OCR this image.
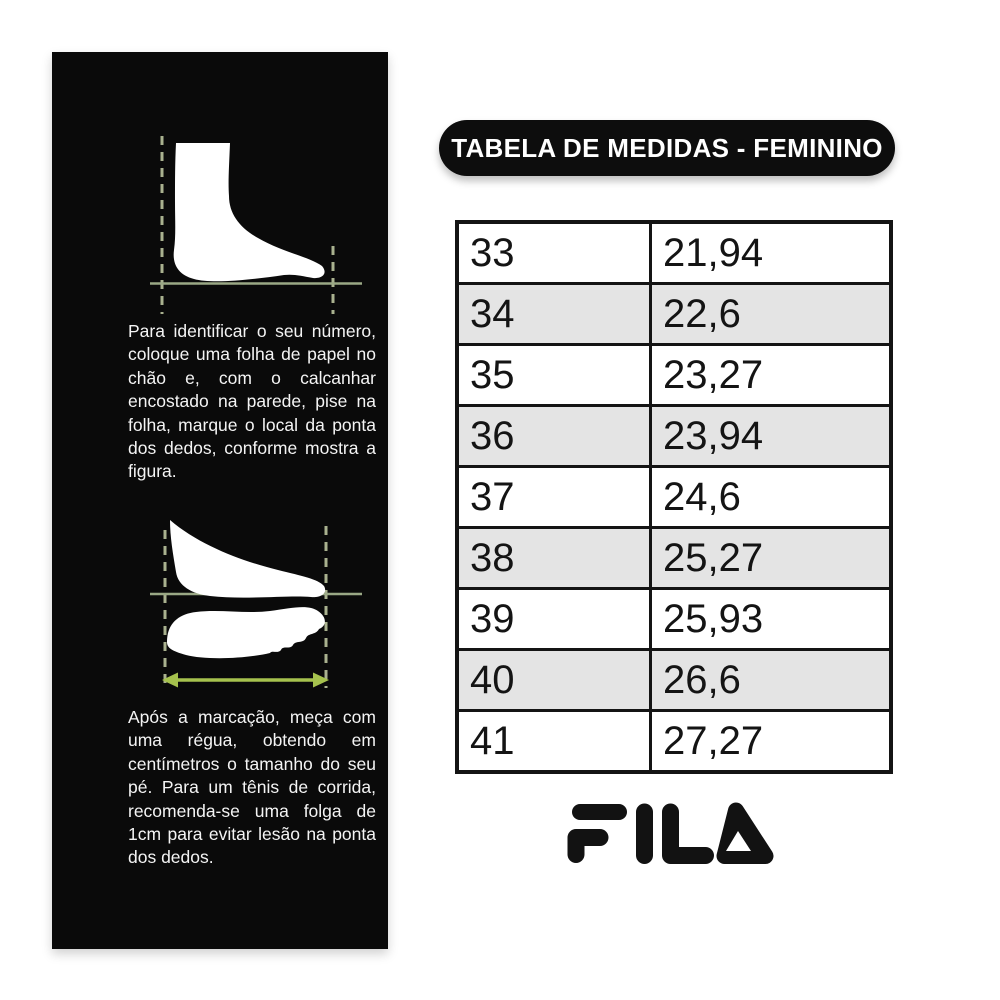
Para identificar o seu número, coloque uma folha de papel no chão e, com o calcanhar encostado na parede, pise na folha, marque o local da ponta dos dedos, conforme mostra a figura.

Após a marcação, meça com uma régua, obtendo em centímetros o tamanho do seu pé. Para um tênis de corrida, recomenda-se uma folga de 1cm para evitar lesão na ponta dos dedos.

TABELA DE MEDIDAS - FEMININO
33	21,94
34	22,6
35	23,27
36	23,94
37	24,6
38	25,27
39	25,93
40	26,6
41	27,27
